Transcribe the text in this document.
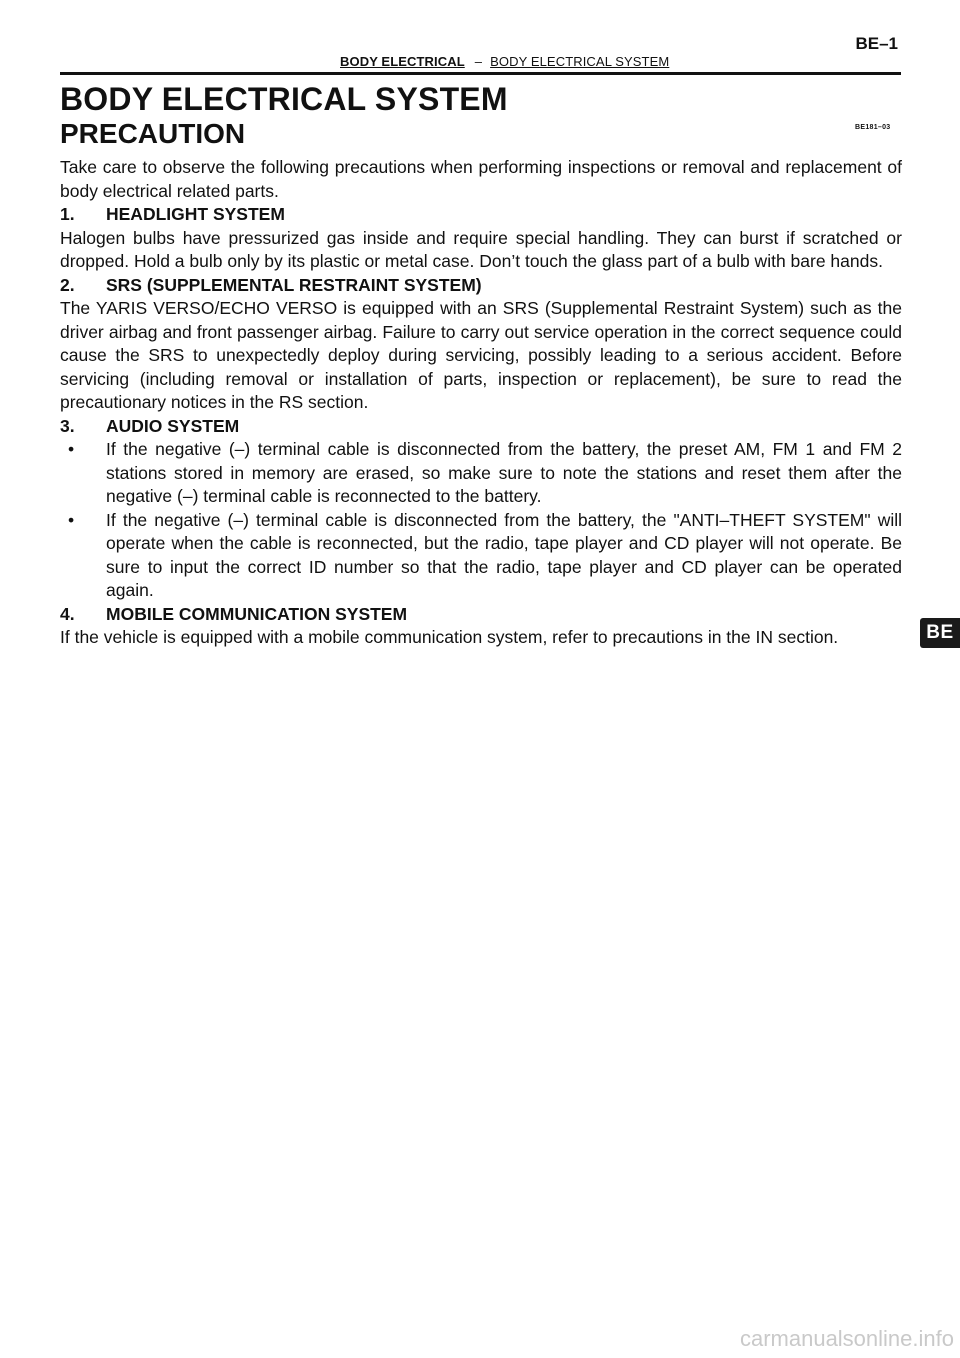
BODY ELECTRICAL – BODY ELECTRICAL SYSTEM
BE–1
BODY ELECTRICAL SYSTEM
PRECAUTION	BE181–03

Take care to observe the following precautions when performing inspections or removal and replacement of body electrical related parts.

1.	HEADLIGHT SYSTEM

Halogen bulbs have pressurized gas inside and require special handling. They can burst if scratched or dropped. Hold a bulb only by its plastic or metal case. Don’t touch the glass part of a bulb with bare hands.

2.	SRS (SUPPLEMENTAL RESTRAINT SYSTEM)

The YARIS VERSO/ECHO VERSO is equipped with an SRS (Supplemental Restraint System) such as the driver airbag and front passenger airbag. Failure to carry out service operation in the correct sequence could cause the SRS to unexpectedly deploy during servicing, possibly leading to a serious accident. Before servicing (including removal or installation of parts, inspection or replacement), be sure to read the precautionary notices in the RS section.

3.	AUDIO SYSTEM
•	If the negative (–) terminal cable is disconnected from the battery, the preset AM, FM 1 and FM 2 stations stored in memory are erased, so make sure to note the stations and reset them after the negative (–) terminal cable is reconnected to the battery.
•	If the negative (–) terminal cable is disconnected from the battery, the "ANTI–THEFT SYSTEM" will operate when the cable is reconnected, but the radio, tape player and CD player will not operate. Be sure to input the correct ID number so that the radio, tape player and CD player can be operated again.
4.	MOBILE COMMUNICATION SYSTEM

If the vehicle is equipped with a mobile communication system, refer to precautions in the IN section.	BE
carmanualsonline.info
